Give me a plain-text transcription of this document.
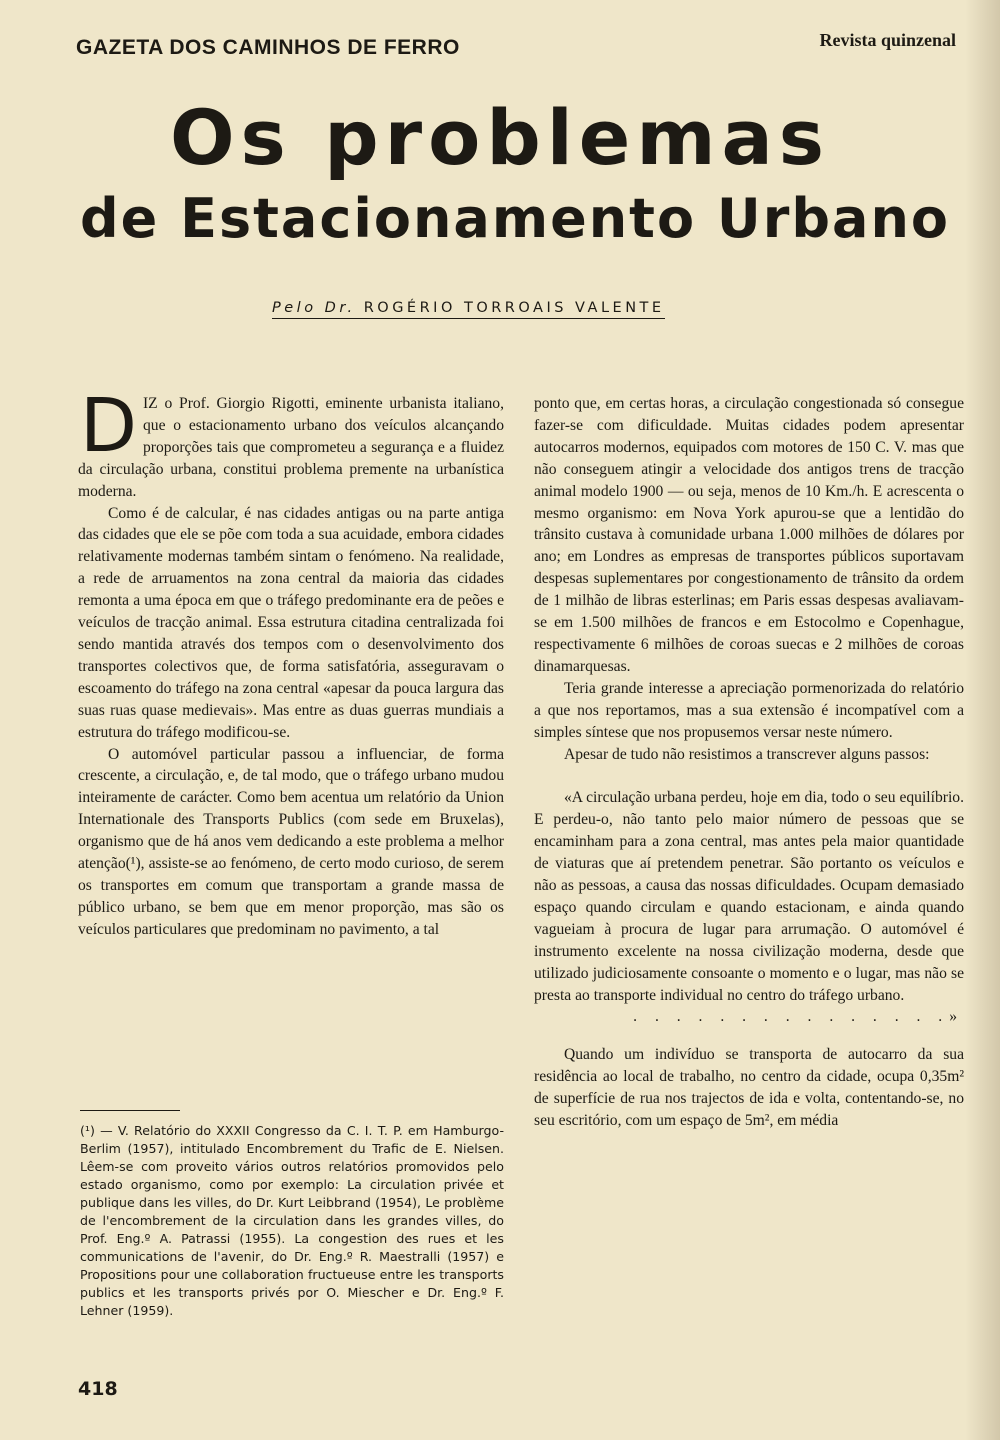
GAZETA DOS CAMINHOS DE FERRO	Revista quinzenal
Os problemas
de Estacionamento Urbano
Pelo Dr. ROGÉRIO TORROAIS VALENTE

DIZ o Prof. Giorgio Rigotti, eminente urbanista italiano, que o estacionamento urbano dos veículos alcançando proporções tais que comprometeu a segurança e a fluidez da circulação urbana, constitui problema premente na urbanística moderna.

Como é de calcular, é nas cidades antigas ou na parte antiga das cidades que ele se põe com toda a sua acuidade, embora cidades relativamente modernas também sintam o fenómeno. Na realidade, a rede de arruamentos na zona central da maioria das cidades remonta a uma época em que o tráfego predominante era de peões e veículos de tracção animal. Essa estrutura citadina centralizada foi sendo mantida através dos tempos com o desenvolvimento dos transportes colectivos que, de forma satisfatória, asseguravam o escoamento do tráfego na zona central «apesar da pouca largura das suas ruas quase medievais». Mas entre as duas guerras mundiais a estrutura do tráfego modificou-se.

O automóvel particular passou a influenciar, de forma crescente, a circulação, e, de tal modo, que o tráfego urbano mudou inteiramente de carácter. Como bem acentua um relatório da Union Internationale des Transports Publics (com sede em Bruxelas), organismo que de há anos vem dedicando a este problema a melhor atenção(¹), assiste-se ao fenómeno, de certo modo curioso, de serem os transportes em comum que transportam a grande massa de público urbano, se bem que em menor proporção, mas são os veículos particulares que predominam no pavimento, a tal

(¹) — V. Relatório do XXXII Congresso da C. I. T. P. em Hamburgo-Berlim (1957), intitulado Encombrement du Trafic de E. Nielsen. Lêem-se com proveito vários outros relatórios promovidos pelo estado organismo, como por exemplo: La circulation privée et publique dans les villes, do Dr. Kurt Leibbrand (1954), Le problème de l'encombrement de la circulation dans les grandes villes, do Prof. Eng.º A. Patrassi (1955). La congestion des rues et les communications de l'avenir, do Dr. Eng.º R. Maestralli (1957) e Propositions pour une collaboration fructueuse entre les transports publics et les transports privés por O. Miescher e Dr. Eng.º F. Lehner (1959).

ponto que, em certas horas, a circulação congestionada só consegue fazer-se com dificuldade. Muitas cidades podem apresentar autocarros modernos, equipados com motores de 150 C. V. mas que não conseguem atingir a velocidade dos antigos trens de tracção animal modelo 1900 — ou seja, menos de 10 Km./h. E acrescenta o mesmo organismo: em Nova York apurou-se que a lentidão do trânsito custava à comunidade urbana 1.000 milhões de dólares por ano; em Londres as empresas de transportes públicos suportavam despesas suplementares por congestionamento de trânsito da ordem de 1 milhão de libras esterlinas; em Paris essas despesas avaliavam-se em 1.500 milhões de francos e em Estocolmo e Copenhague, respectivamente 6 milhões de coroas suecas e 2 milhões de coroas dinamarquesas.

Teria grande interesse a apreciação pormenorizada do relatório a que nos reportamos, mas a sua extensão é incompatível com a simples síntese que nos propusemos versar neste número.

Apesar de tudo não resistimos a transcrever alguns passos:

«A circulação urbana perdeu, hoje em dia, todo o seu equilíbrio. E perdeu-o, não tanto pelo maior número de pessoas que se encaminham para a zona central, mas antes pela maior quantidade de viaturas que aí pretendem penetrar. São portanto os veículos e não as pessoas, a causa das nossas dificuldades. Ocupam demasiado espaço quando circulam e quando estacionam, e ainda quando vagueiam à procura de lugar para arrumação. O automóvel é instrumento excelente na nossa civilização moderna, desde que utilizado judiciosamente consoante o momento e o lugar, mas não se presta ao transporte individual no centro do tráfego urbano.

. . . . . . . . . . . . . . .»

Quando um indivíduo se transporta de autocarro da sua residência ao local de trabalho, no centro da cidade, ocupa 0,35m² de superfície de rua nos trajectos de ida e volta, contentando-se, no seu escritório, com um espaço de 5m², em média

418
